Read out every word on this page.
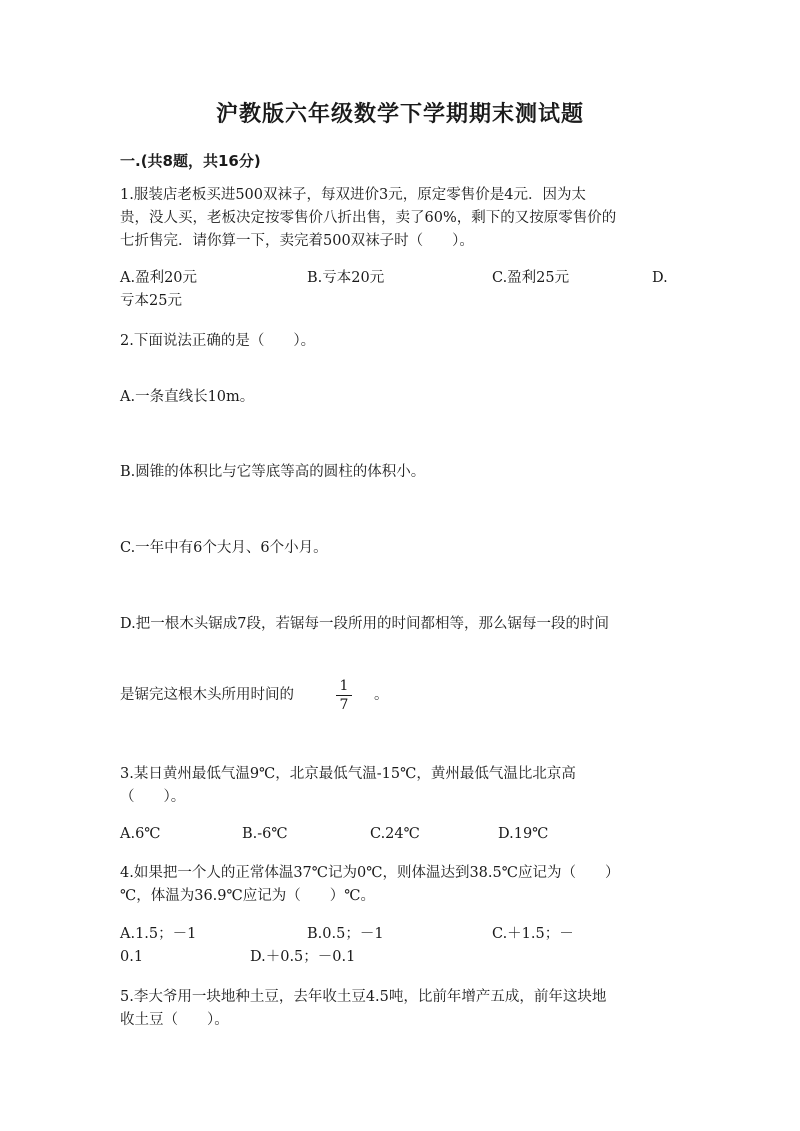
沪教版六年级数学下学期期末测试题
一.(共8题，共16分)
1.服装店老板买进500双袜子，每双进价3元，原定零售价是4元．因为太
贵，没人买，老板决定按零售价八折出售，卖了60%，剩下的又按原零售价的
七折售完．请你算一下，卖完着500双袜子时（　　）。
A.盈利20元	B.亏本20元	C.盈利25元	D.
亏本25元
2.下面说法正确的是（　　）。
A.一条直线长10m。
B.圆锥的体积比与它等底等高的圆柱的体积小。
C.一年中有6个大月、6个小月。
D.把一根木头锯成7段，若锯每一段所用的时间都相等，那么锯每一段的时间
是锯完这根木头所用时间的
1
7
。
3.某日黄州最低气温9℃，北京最低气温-15℃，黄州最低气温比北京高
（　　）。
A.6℃	B.-6℃	C.24℃	D.19℃
4.如果把一个人的正常体温37℃记为0℃，则体温达到38.5℃应记为（　　）
℃，体温为36.9℃应记为（　　）℃。
A.1.5；－1	B.0.5；－1	C.＋1.5；－
0.1	D.＋0.5；－0.1
5.李大爷用一块地种土豆，去年收土豆4.5吨，比前年增产五成，前年这块地
收土豆（　　）。
